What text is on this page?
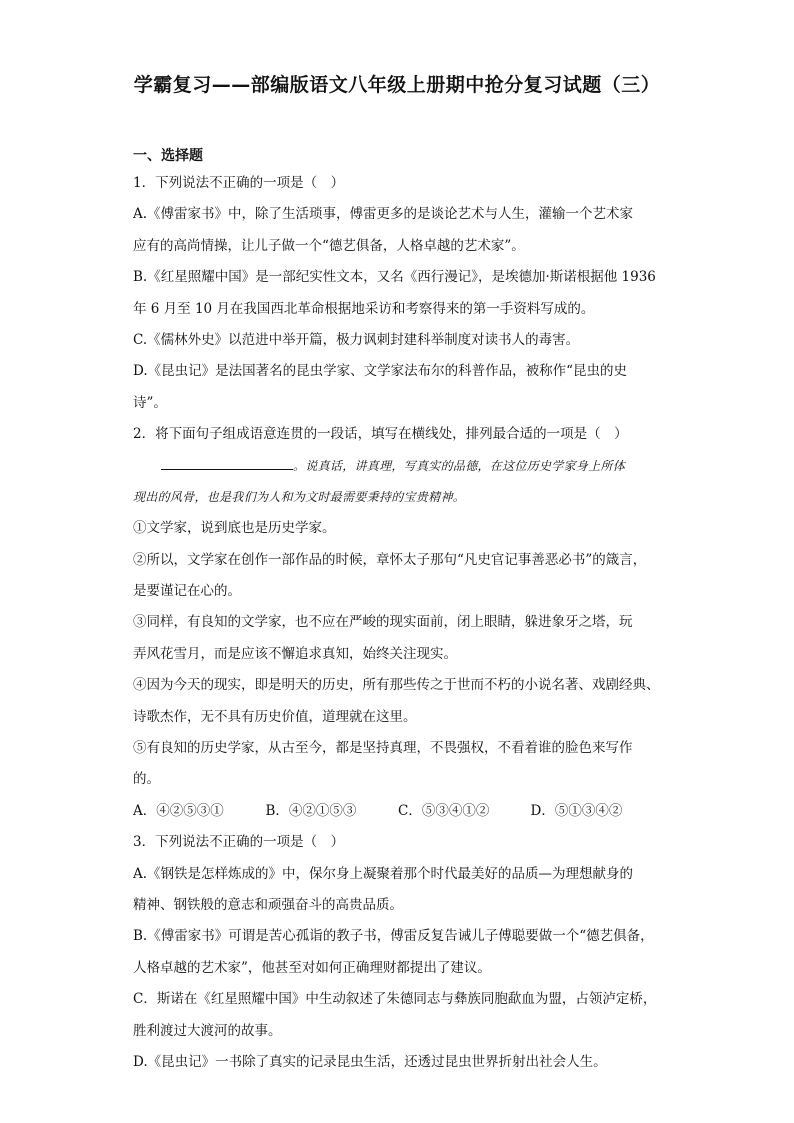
学霸复习——部编版语文八年级上册期中抢分复习试题（三）
一、选择题
1．下列说法不正确的一项是（　）
A.《傅雷家书》中，除了生活琐事，傅雷更多的是谈论艺术与人生，灌输一个艺术家
应有的高尚情操，让儿子做一个“德艺俱备，人格卓越的艺术家”。
B.《红星照耀中国》是一部纪实性文本，又名《西行漫记》，是埃德加·斯诺根据他 1936
年 6 月至 10 月在我国西北革命根据地采访和考察得来的第一手资料写成的。
C.《儒林外史》以范进中举开篇，极力讽刺封建科举制度对读书人的毒害。
D.《昆虫记》是法国著名的昆虫学家、文学家法布尔的科普作品，被称作“昆虫的史
诗”。
2．将下面句子组成语意连贯的一段话，填写在横线处，排列最合适的一项是（　）
。说真话，讲真理，写真实的品德，在这位历史学家身上所体
现出的风骨，也是我们为人和为文时最需要秉持的宝贵精神。
①文学家，说到底也是历史学家。
②所以，文学家在创作一部作品的时候，章怀太子那句“凡史官记事善恶必书”的箴言，
是要谨记在心的。
③同样，有良知的文学家，也不应在严峻的现实面前，闭上眼睛，躲进象牙之塔，玩
弄风花雪月，而是应该不懈追求真知，始终关注现实。
④因为今天的现实，即是明天的历史，所有那些传之于世而不朽的小说名著、戏剧经典、
诗歌杰作，无不具有历史价值，道理就在这里。
⑤有良知的历史学家，从古至今，都是坚持真理，不畏强权，不看着谁的脸色来写作
的。
A．④②⑤③①	B．④②①⑤③	C．⑤③④①②	D．⑤①③④②
3．下列说法不正确的一项是（　）
A.《钢铁是怎样炼成的》中，保尔身上凝聚着那个时代最美好的品质—为理想献身的
精神、钢铁般的意志和顽强奋斗的高贵品质。
B.《傅雷家书》可谓是苦心孤诣的教子书，傅雷反复告诫儿子傅聪要做一个“德艺俱备，
人格卓越的艺术家”，他甚至对如何正确理财都提出了建议。
C．斯诺在《红星照耀中国》中生动叙述了朱德同志与彝族同胞歃血为盟，占领泸定桥，
胜利渡过大渡河的故事。
D.《昆虫记》一书除了真实的记录昆虫生活，还透过昆虫世界折射出社会人生。
